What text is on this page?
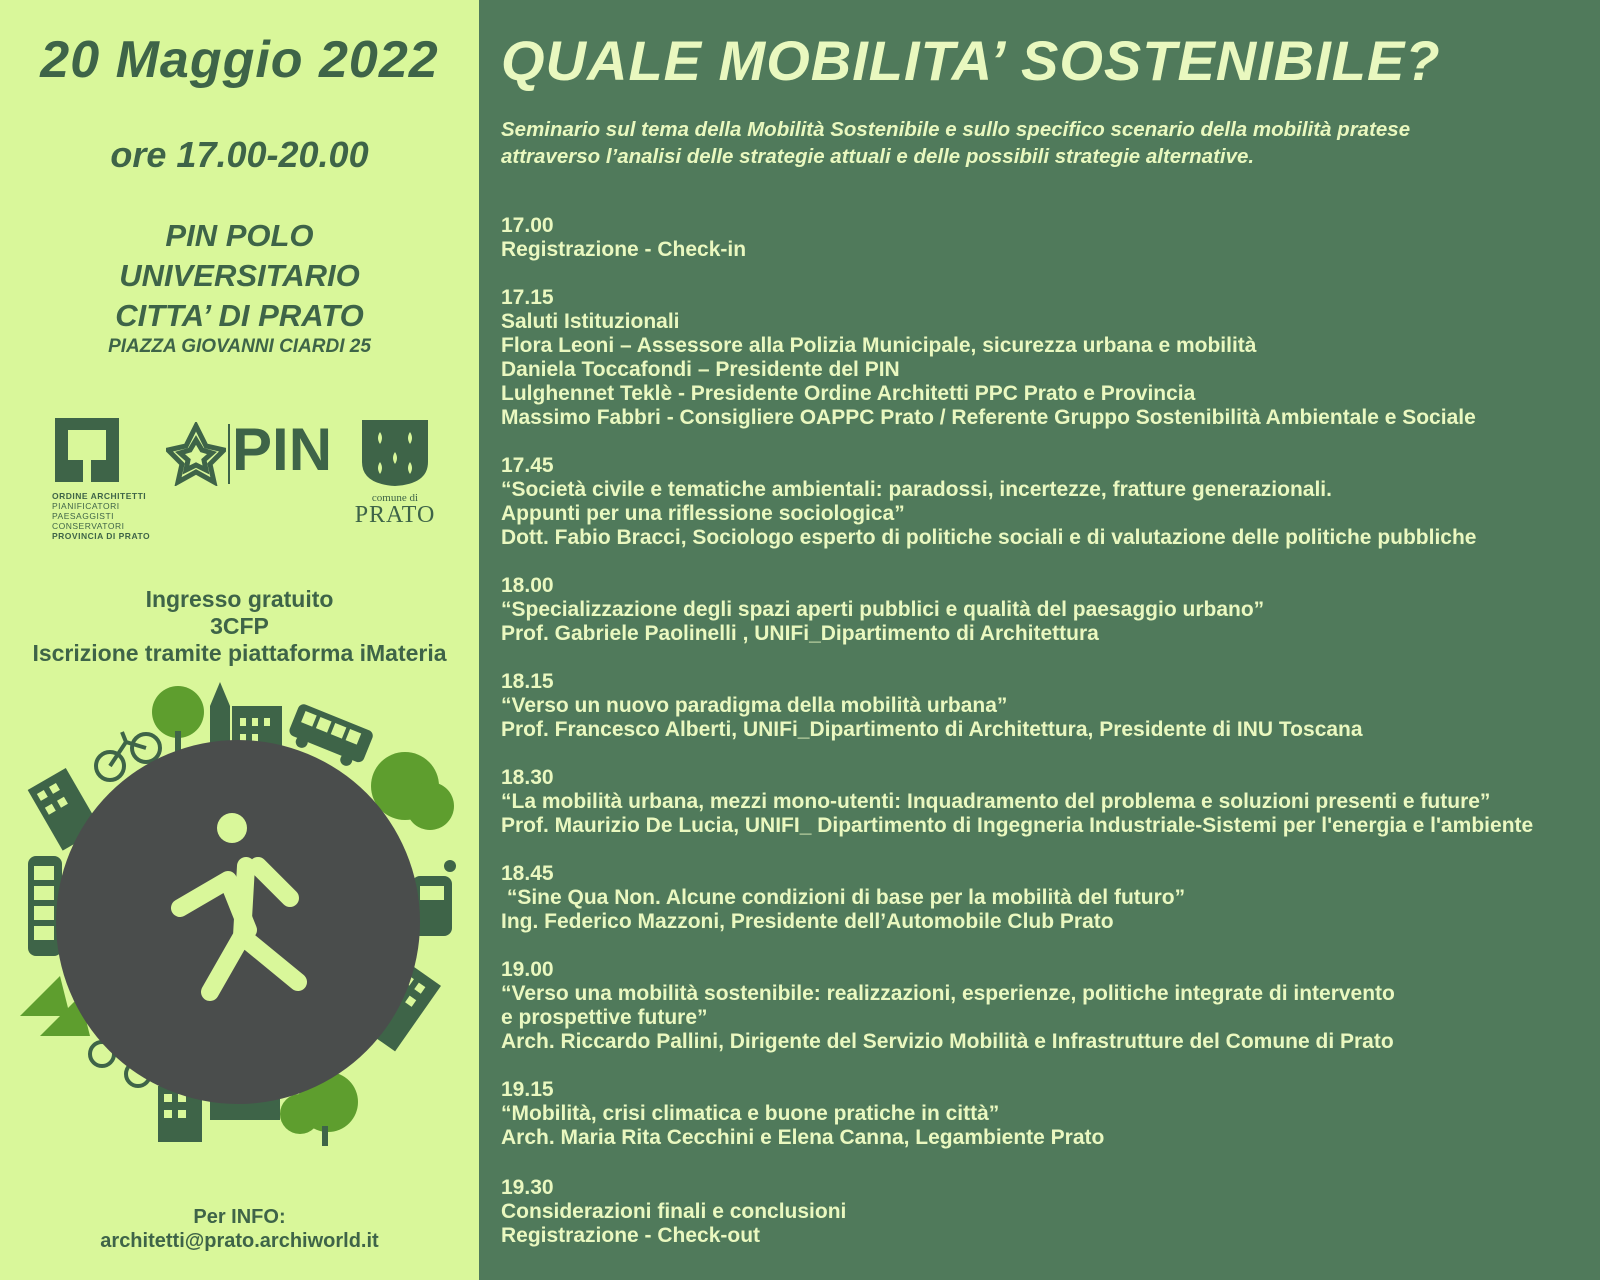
20 Maggio 2022
ore 17.00-20.00
PIN POLO
UNIVERSITARIO
CITTA’ DI PRATO
PIAZZA GIOVANNI CIARDI 25
ORDINE ARCHITETTI
PIANIFICATORI
PAESAGGISTI
CONSERVATORI
PROVINCIA DI PRATO
PIN
comune di
PRATO
Ingresso gratuito
3CFP
Iscrizione tramite piattaforma iMateria
Per INFO:
architetti@prato.archiworld.it
QUALE MOBILITA’ SOSTENIBILE?
Seminario sul tema della Mobilità Sostenibile e sullo specifico scenario della mobilità pratese
attraverso l’analisi delle strategie attuali e delle possibili strategie alternative.
17.00
Registrazione - Check-in
17.15
Saluti Istituzionali
Flora Leoni – Assessore alla Polizia Municipale, sicurezza urbana e mobilità
Daniela Toccafondi – Presidente del PIN
Lulghennet Teklè - Presidente Ordine Architetti PPC Prato e Provincia
Massimo Fabbri - Consigliere OAPPC Prato / Referente Gruppo Sostenibilità Ambientale e Sociale
17.45
“Società civile e tematiche ambientali: paradossi, incertezze, fratture generazionali.
Appunti per una riflessione sociologica”
Dott. Fabio Bracci, Sociologo esperto di politiche sociali e di valutazione delle politiche pubbliche
18.00
“Specializzazione degli spazi aperti pubblici e qualità del paesaggio urbano”
Prof. Gabriele Paolinelli , UNIFi_Dipartimento di Architettura
18.15
“Verso un nuovo paradigma della mobilità urbana”
Prof. Francesco Alberti, UNIFi_Dipartimento di Architettura, Presidente di INU Toscana
18.30
“La mobilità urbana, mezzi mono-utenti: Inquadramento del problema e soluzioni presenti e future”
Prof. Maurizio De Lucia, UNIFI_ Dipartimento di Ingegneria Industriale-Sistemi per l'energia e l'ambiente
18.45
“Sine Qua Non. Alcune condizioni di base per la mobilità del futuro”
Ing. Federico Mazzoni, Presidente dell’Automobile Club Prato
19.00
“Verso una mobilità sostenibile: realizzazioni, esperienze, politiche integrate di intervento
e prospettive future”
Arch. Riccardo Pallini, Dirigente del Servizio Mobilità e Infrastrutture del Comune di Prato
19.15
“Mobilità, crisi climatica e buone pratiche in città”
Arch. Maria Rita Cecchini e Elena Canna, Legambiente Prato
19.30
Considerazioni finali e conclusioni
Registrazione - Check-out
